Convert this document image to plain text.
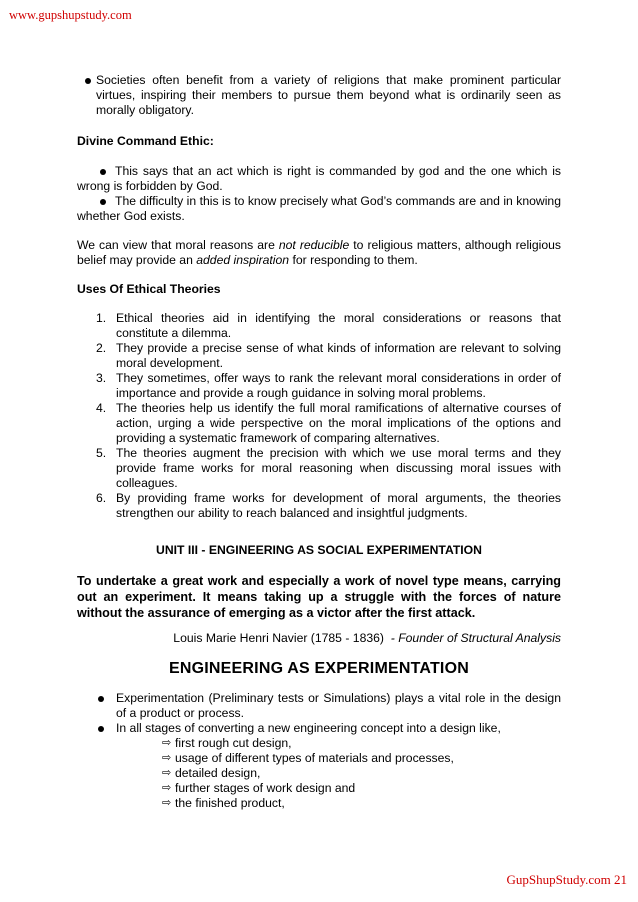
www.gupshupstudy.com
Societies often benefit from a variety of religions that make prominent particular virtues, inspiring their members to pursue them beyond what is ordinarily seen as morally obligatory.
Divine Command Ethic:
This says that an act which is right is commanded by god and the one which is wrong is forbidden by God.
The difficulty in this is to know precisely what God’s commands are and in knowing whether God exists.
We can view that moral reasons are not reducible to religious matters, although religious belief may provide an added inspiration for responding to them.
Uses Of Ethical Theories
1. Ethical theories aid in identifying the moral considerations or reasons that constitute a dilemma.
2. They provide a precise sense of what kinds of information are relevant to solving moral development.
3. They sometimes, offer ways to rank the relevant moral considerations in order of importance and provide a rough guidance in solving moral problems.
4. The theories help us identify the full moral ramifications of alternative courses of action, urging a wide perspective on the moral implications of the options and providing a systematic framework of comparing alternatives.
5. The theories augment the precision with which we use moral terms and they provide frame works for moral reasoning when discussing moral issues with colleagues.
6. By providing frame works for development of moral arguments, the theories strengthen our ability to reach balanced and insightful judgments.
UNIT III - ENGINEERING AS SOCIAL EXPERIMENTATION
To undertake a great work and especially a work of novel type means, carrying out an experiment. It means taking up a struggle with the forces of nature without the assurance of emerging as a victor after the first attack.
Louis Marie Henri Navier (1785 - 1836) - Founder of Structural Analysis
ENGINEERING AS EXPERIMENTATION
Experimentation (Preliminary tests or Simulations) plays a vital role in the design of a product or process.
In all stages of converting a new engineering concept into a design like,
⇨ first rough cut design,
⇨ usage of different types of materials and processes,
⇨ detailed design,
⇨ further stages of work design and
⇨ the finished product,
GupShupStudy.com 21
